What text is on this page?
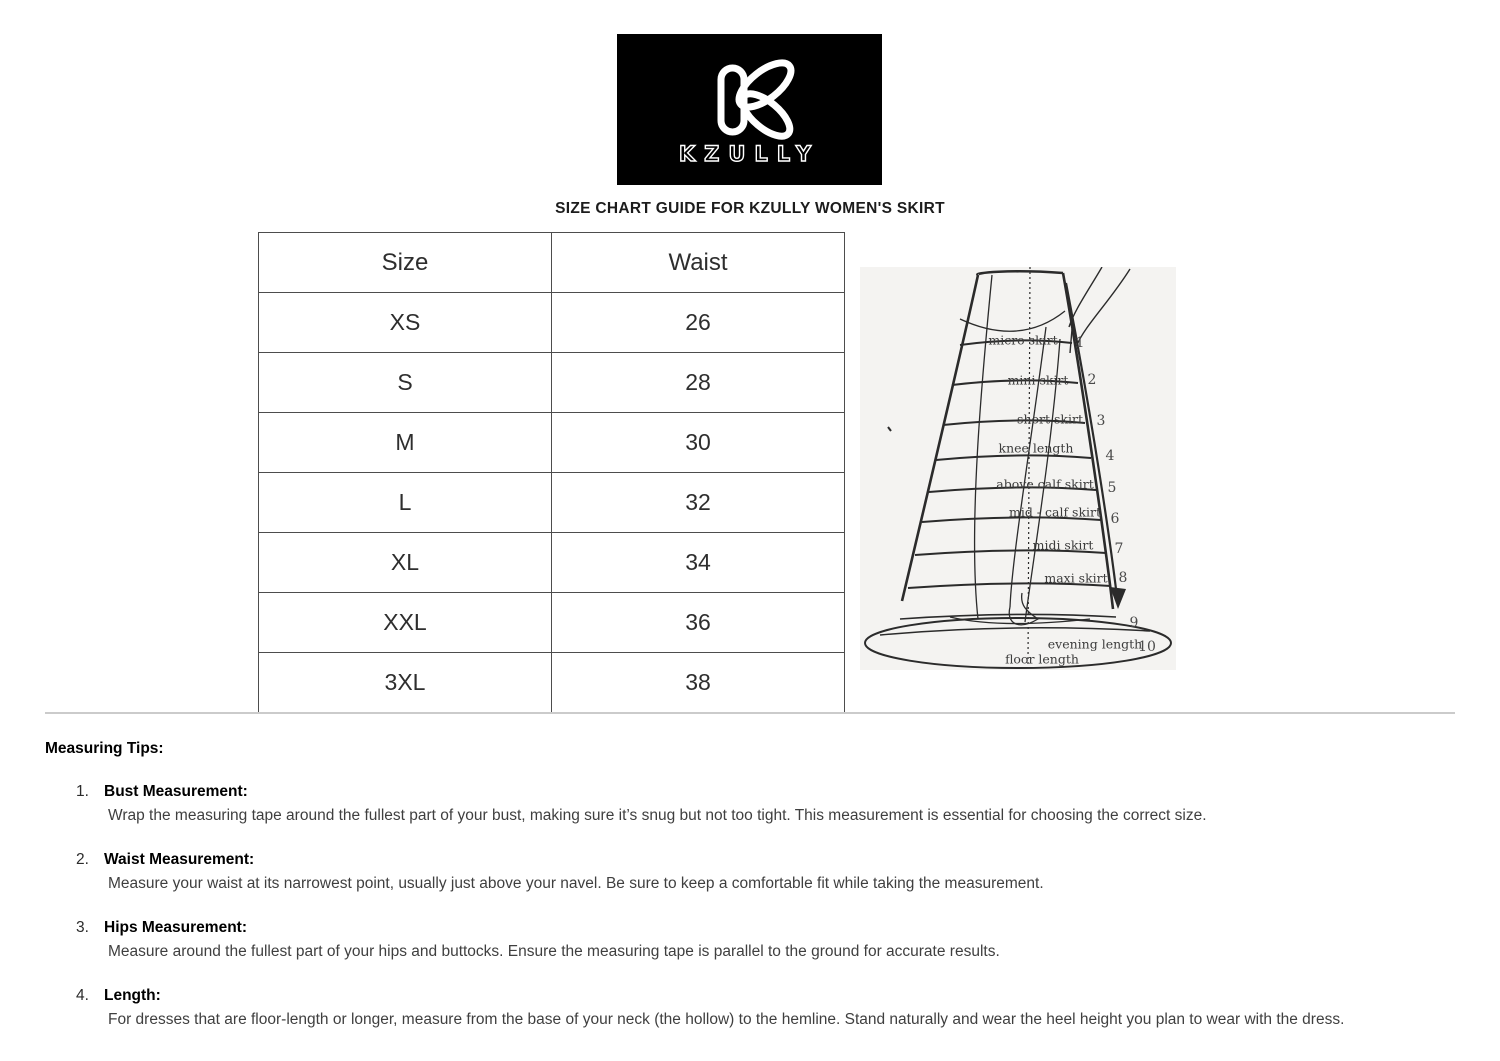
KZULLY
SIZE CHART GUIDE FOR KZULLY WOMEN'S SKIRT
Size	Waist
XS	26
S	28
M	30
L	32
XL	34
XXL	36
3XL	38
micro skirt 1
mini skirt 2
short skirt 3
knee length 4
above calf skirt 5
mid - calf skirt 6
midi skirt 7
maxi skirt 8
9
evening length
10
floor length

Measuring Tips:

1. Bust Measurement:
Wrap the measuring tape around the fullest part of your bust, making sure it’s snug but not too tight. This measurement is essential for choosing the correct size.
2. Waist Measurement:
Measure your waist at its narrowest point, usually just above your navel. Be sure to keep a comfortable fit while taking the measurement.
3. Hips Measurement:
Measure around the fullest part of your hips and buttocks. Ensure the measuring tape is parallel to the ground for accurate results.
4. Length:
For dresses that are floor-length or longer, measure from the base of your neck (the hollow) to the hemline. Stand naturally and wear the heel height you plan to wear with the dress.
